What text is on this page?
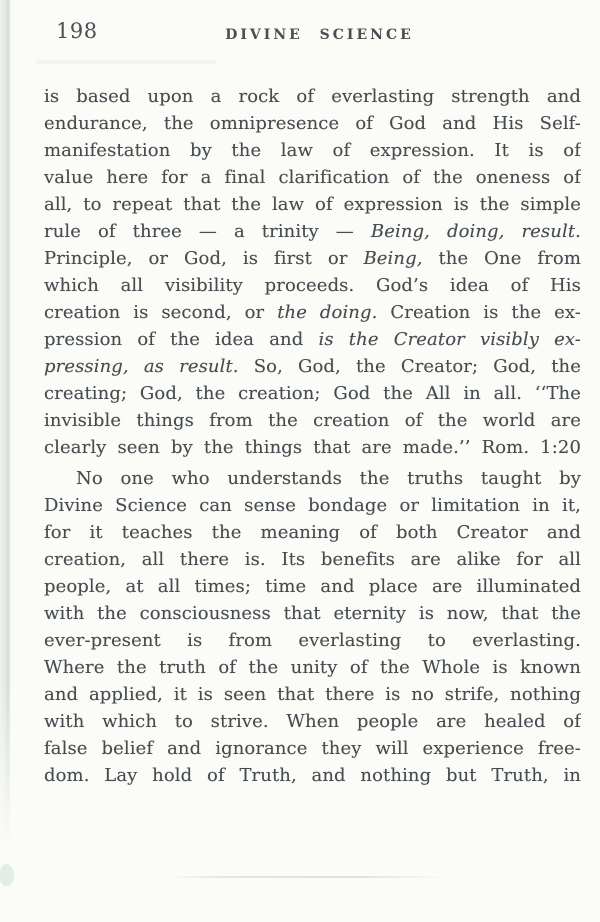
198	DIVINE SCIENCE
is based upon a rock of everlasting strength and
endurance, the omnipresence of God and His Self-
manifestation by the law of expression. It is of
value here for a final clarification of the oneness of
all, to repeat that the law of expression is the simple
rule of three — a trinity — Being, doing, result.
Principle, or God, is first or Being, the One from
which all visibility proceeds. God’s idea of His
creation is second, or the doing. Creation is the ex-
pression of the idea and is the Creator visibly ex-
pressing, as result. So, God, the Creator; God, the
creating; God, the creation; God the All in all. ‘‘The
invisible things from the creation of the world are
clearly seen by the things that are made.’’ Rom. 1:20
No one who understands the truths taught by
Divine Science can sense bondage or limitation in it,
for it teaches the meaning of both Creator and
creation, all there is. Its benefits are alike for all
people, at all times; time and place are illuminated
with the consciousness that eternity is now, that the
ever-present is from everlasting to everlasting.
Where the truth of the unity of the Whole is known
and applied, it is seen that there is no strife, nothing
with which to strive. When people are healed of
false belief and ignorance they will experience free-
dom. Lay hold of Truth, and nothing but Truth, in
